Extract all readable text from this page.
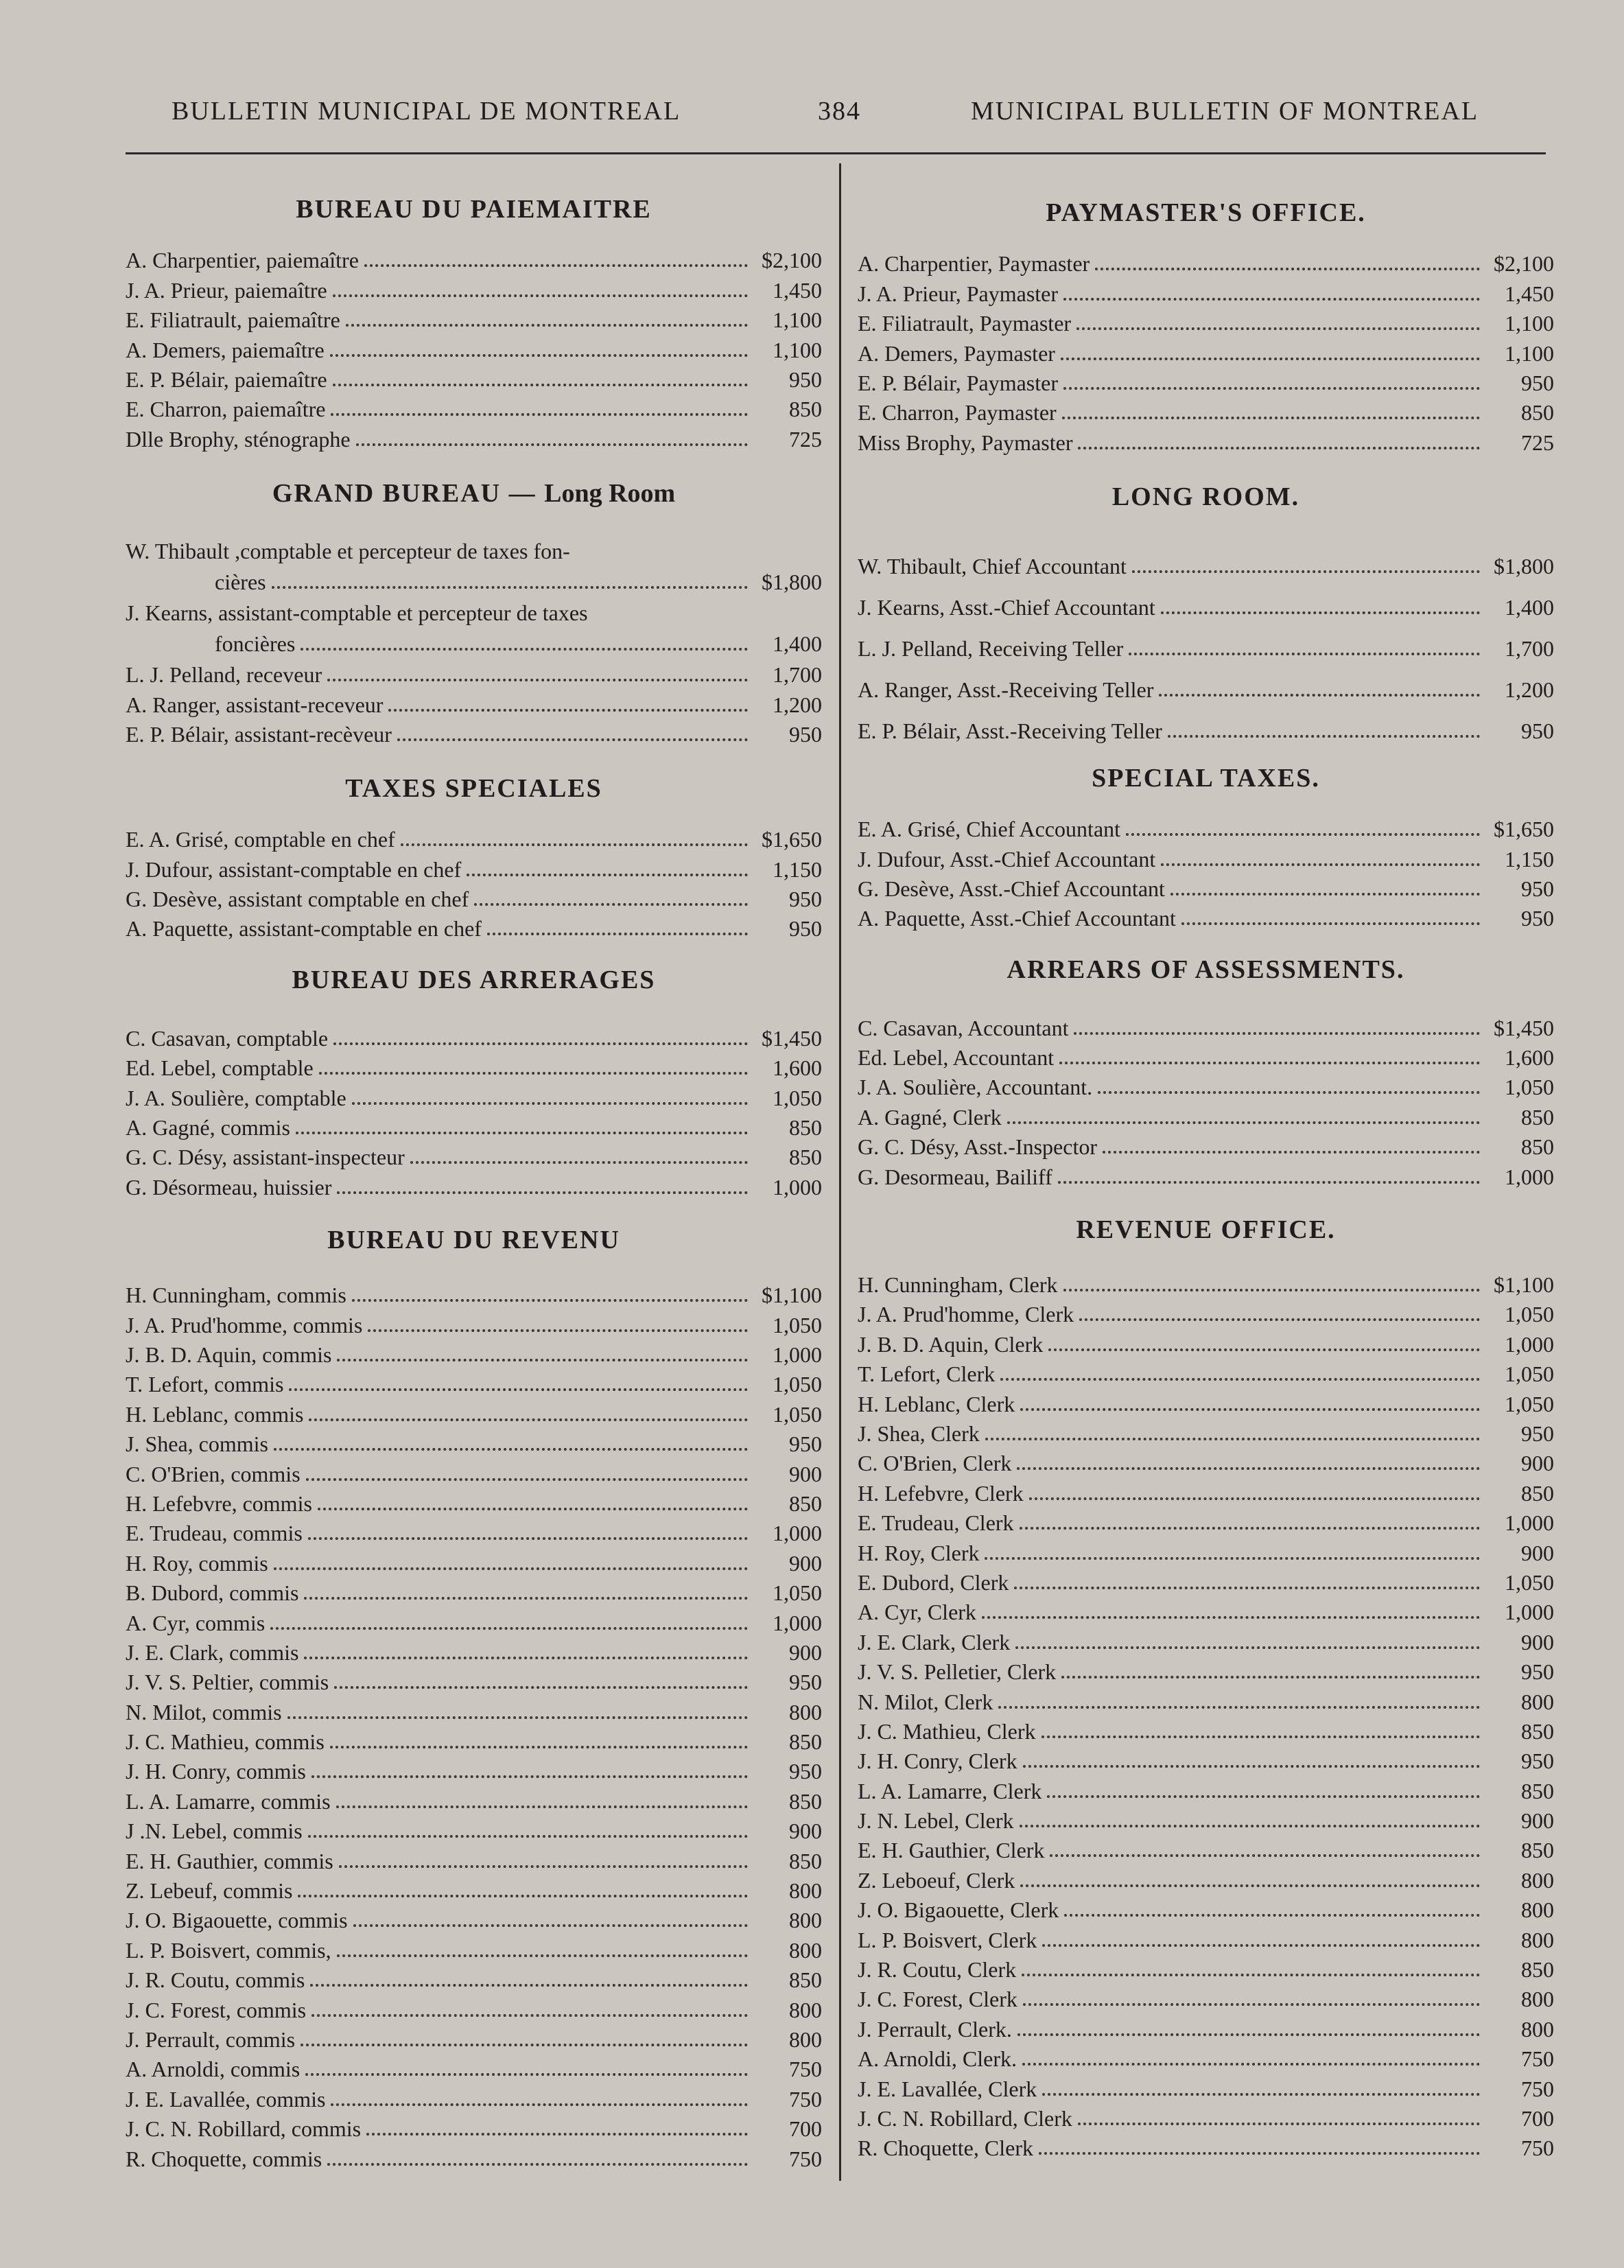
BULLETIN MUNICIPAL DE MONTREAL	384	MUNICIPAL BULLETIN OF MONTREAL
BUREAU DU PAIEMAITRE
A. Charpentier, paiemaître	$2,100
J. A. Prieur, paiemaître	1,450
E. Filiatrault, paiemaître	1,100
A. Demers, paiemaître	1,100
E. P. Bélair, paiemaître	950
E. Charron, paiemaître	850
Dlle Brophy, sténographe	725
GRAND BUREAU — Long Room
W. Thibault ,comptable et percepteur de taxes fon-
cières	$1,800
J. Kearns, assistant-comptable et percepteur de taxes
foncières	1,400
L. J. Pelland, receveur	1,700
A. Ranger, assistant-receveur	1,200
E. P. Bélair, assistant-recèveur	950
TAXES SPECIALES
E. A. Grisé, comptable en chef	$1,650
J. Dufour, assistant-comptable en chef	1,150
G. Desève, assistant comptable en chef	950
A. Paquette, assistant-comptable en chef	950
BUREAU DES ARRERAGES
C. Casavan, comptable	$1,450
Ed. Lebel, comptable	1,600
J. A. Soulière, comptable	1,050
A. Gagné, commis	850
G. C. Désy, assistant-inspecteur	850
G. Désormeau, huissier	1,000
BUREAU DU REVENU
H. Cunningham, commis	$1,100
J. A. Prud'homme, commis	1,050
J. B. D. Aquin, commis	1,000
T. Lefort, commis	1,050
H. Leblanc, commis	1,050
J. Shea, commis	950
C. O'Brien, commis	900
H. Lefebvre, commis	850
E. Trudeau, commis	1,000
H. Roy, commis	900
B. Dubord, commis	1,050
A. Cyr, commis	1,000
J. E. Clark, commis	900
J. V. S. Peltier, commis	950
N. Milot, commis	800
J. C. Mathieu, commis	850
J. H. Conry, commis	950
L. A. Lamarre, commis	850
J .N. Lebel, commis	900
E. H. Gauthier, commis	850
Z. Lebeuf, commis	800
J. O. Bigaouette, commis	800
L. P. Boisvert, commis,	800
J. R. Coutu, commis	850
J. C. Forest, commis	800
J. Perrault, commis	800
A. Arnoldi, commis	750
J. E. Lavallée, commis	750
J. C. N. Robillard, commis	700
R. Choquette, commis	750
PAYMASTER'S OFFICE.
A. Charpentier, Paymaster	$2,100
J. A. Prieur, Paymaster	1,450
E. Filiatrault, Paymaster	1,100
A. Demers, Paymaster	1,100
E. P. Bélair, Paymaster	950
E. Charron, Paymaster	850
Miss Brophy, Paymaster	725
LONG ROOM.
W. Thibault, Chief Accountant	$1,800
J. Kearns, Asst.-Chief Accountant	1,400
L. J. Pelland, Receiving Teller	1,700
A. Ranger, Asst.-Receiving Teller	1,200
E. P. Bélair, Asst.-Receiving Teller	950
SPECIAL TAXES.
E. A. Grisé, Chief Accountant	$1,650
J. Dufour, Asst.-Chief Accountant	1,150
G. Desève, Asst.-Chief Accountant	950
A. Paquette, Asst.-Chief Accountant	950
ARREARS OF ASSESSMENTS.
C. Casavan, Accountant	$1,450
Ed. Lebel, Accountant	1,600
J. A. Soulière, Accountant.	1,050
A. Gagné, Clerk	850
G. C. Désy, Asst.-Inspector	850
G. Desormeau, Bailiff	1,000
REVENUE OFFICE.
H. Cunningham, Clerk	$1,100
J. A. Prud'homme, Clerk	1,050
J. B. D. Aquin, Clerk	1,000
T. Lefort, Clerk	1,050
H. Leblanc, Clerk	1,050
J. Shea, Clerk	950
C. O'Brien, Clerk	900
H. Lefebvre, Clerk	850
E. Trudeau, Clerk	1,000
H. Roy, Clerk	900
E. Dubord, Clerk	1,050
A. Cyr, Clerk	1,000
J. E. Clark, Clerk	900
J. V. S. Pelletier, Clerk	950
N. Milot, Clerk	800
J. C. Mathieu, Clerk	850
J. H. Conry, Clerk	950
L. A. Lamarre, Clerk	850
J. N. Lebel, Clerk	900
E. H. Gauthier, Clerk	850
Z. Leboeuf, Clerk	800
J. O. Bigaouette, Clerk	800
L. P. Boisvert, Clerk	800
J. R. Coutu, Clerk	850
J. C. Forest, Clerk	800
J. Perrault, Clerk.	800
A. Arnoldi, Clerk.	750
J. E. Lavallée, Clerk	750
J. C. N. Robillard, Clerk	700
R. Choquette, Clerk	750
